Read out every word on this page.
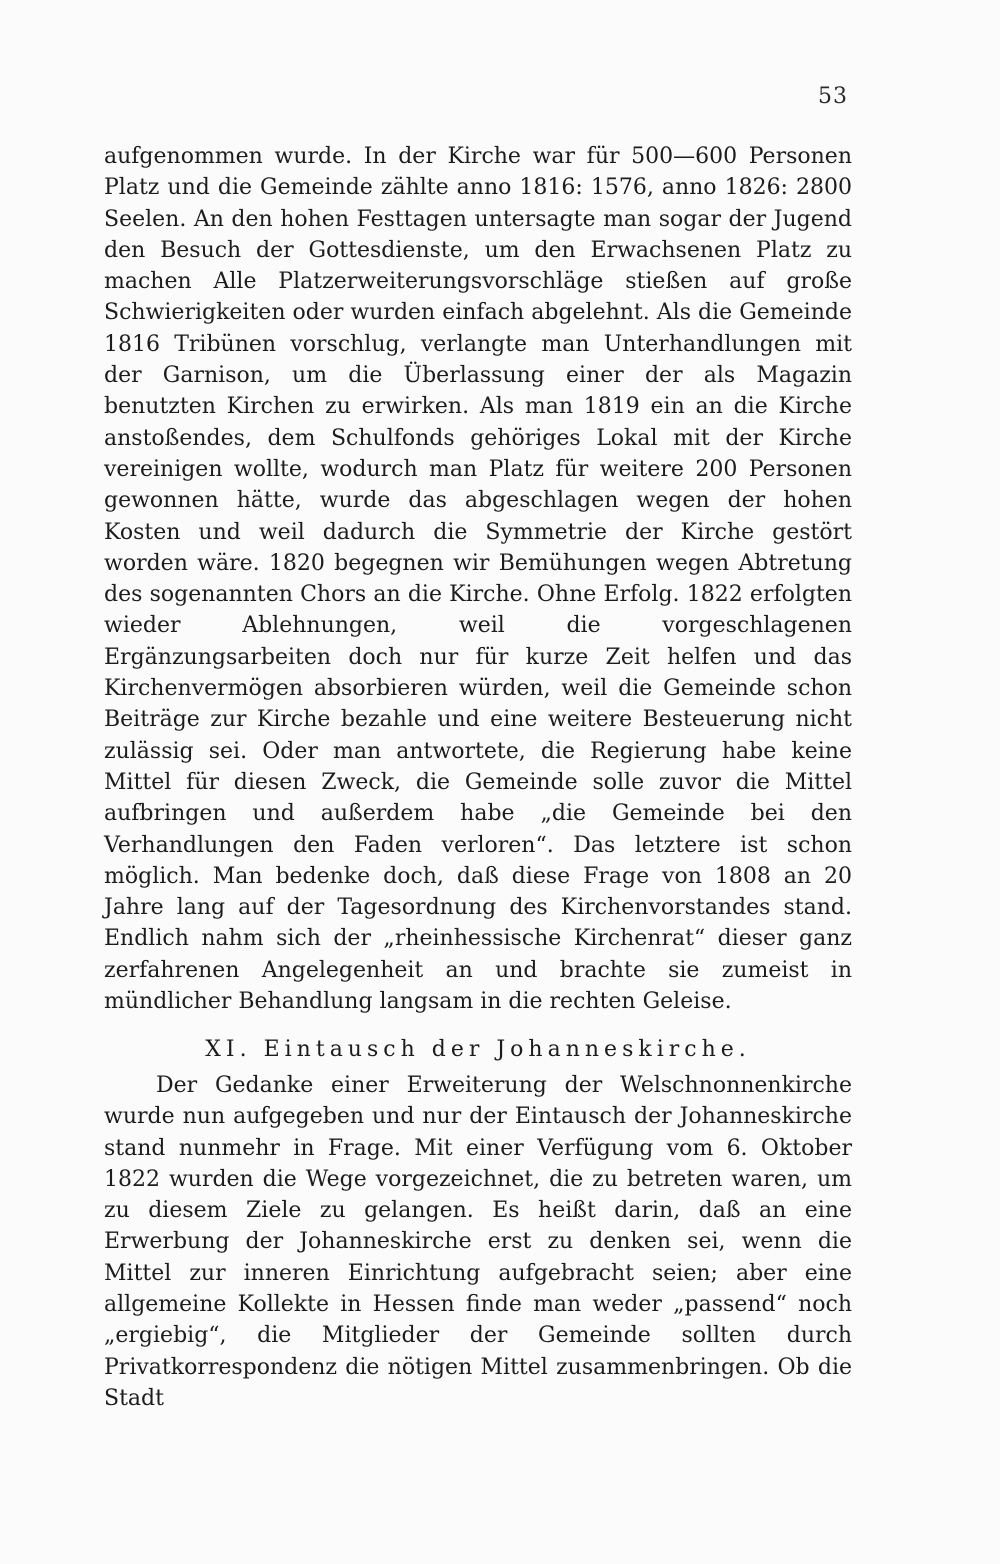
53

aufgenommen wurde. In der Kirche war für 500—600 Personen Platz und die Gemeinde zählte anno 1816: 1576, anno 1826: 2800 Seelen. An den hohen Festtagen untersagte man sogar der Jugend den Besuch der Gottesdienste, um den Erwachsenen Platz zu machen Alle Platzerweiterungsvorschläge stießen auf große Schwierigkeiten oder wurden einfach abgelehnt. Als die Gemeinde 1816 Tribünen vorschlug, verlangte man Unterhandlungen mit der Garnison, um die Überlassung einer der als Magazin benutzten Kirchen zu erwirken. Als man 1819 ein an die Kirche anstoßendes, dem Schulfonds gehöriges Lokal mit der Kirche vereinigen wollte, wodurch man Platz für weitere 200 Personen gewonnen hätte, wurde das abgeschlagen wegen der hohen Kosten und weil dadurch die Symmetrie der Kirche gestört worden wäre. 1820 begegnen wir Bemühungen wegen Abtretung des sogenannten Chors an die Kirche. Ohne Erfolg. 1822 erfolgten wieder Ablehnungen, weil die vorgeschlagenen Ergänzungsarbeiten doch nur für kurze Zeit helfen und das Kirchenvermögen absorbieren würden, weil die Gemeinde schon Beiträge zur Kirche bezahle und eine weitere Besteuerung nicht zulässig sei. Oder man antwortete, die Regierung habe keine Mittel für diesen Zweck, die Gemeinde solle zuvor die Mittel aufbringen und außerdem habe „die Gemeinde bei den Verhandlungen den Faden verloren“. Das letztere ist schon möglich. Man bedenke doch, daß diese Frage von 1808 an 20 Jahre lang auf der Tagesordnung des Kirchenvorstandes stand. Endlich nahm sich der „rheinhessische Kirchenrat“ dieser ganz zerfahrenen Angelegenheit an und brachte sie zumeist in mündlicher Behandlung langsam in die rechten Geleise.

XI. Eintausch der Johanneskirche.

Der Gedanke einer Erweiterung der Welschnonnenkirche wurde nun aufgegeben und nur der Eintausch der Johanneskirche stand nunmehr in Frage. Mit einer Verfügung vom 6. Oktober 1822 wurden die Wege vorgezeichnet, die zu betreten waren, um zu diesem Ziele zu gelangen. Es heißt darin, daß an eine Erwerbung der Johanneskirche erst zu denken sei, wenn die Mittel zur inneren Einrichtung aufgebracht seien; aber eine allgemeine Kollekte in Hessen finde man weder „passend“ noch „ergiebig“, die Mitglieder der Gemeinde sollten durch Privatkorrespondenz die nötigen Mittel zusammenbringen. Ob die Stadt
